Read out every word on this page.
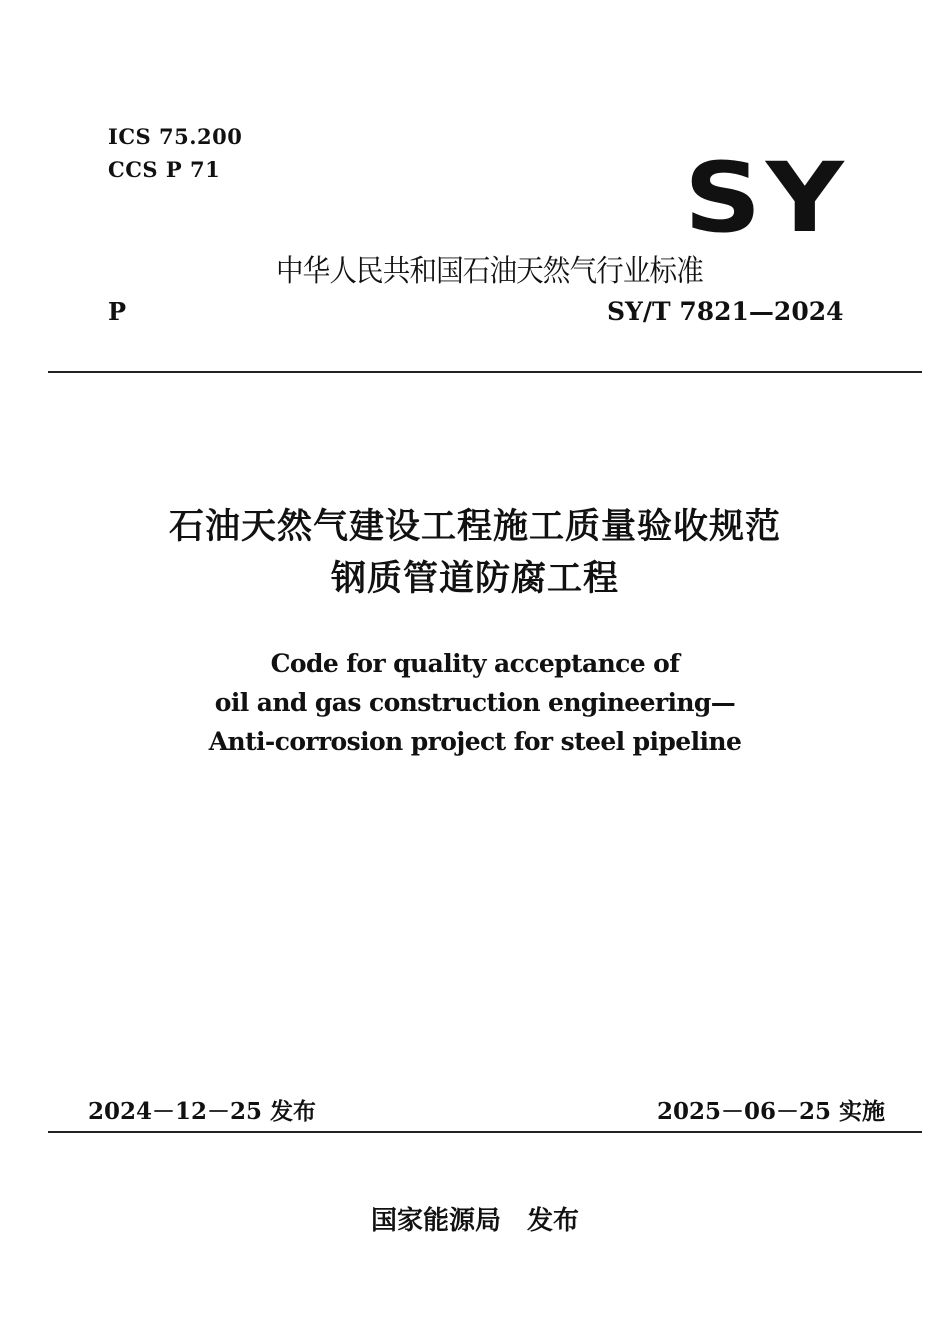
ICS 75.200
CCS P 71	SY
中华人民共和国石油天然气行业标准
P	SY/T 7821—2024
石油天然气建设工程施工质量验收规范
钢质管道防腐工程
Code for quality acceptance of
oil and gas construction engineering—
Anti-corrosion project for steel pipeline
2024－12－25 发布	2025－06－25 实施
国家能源局　发布
